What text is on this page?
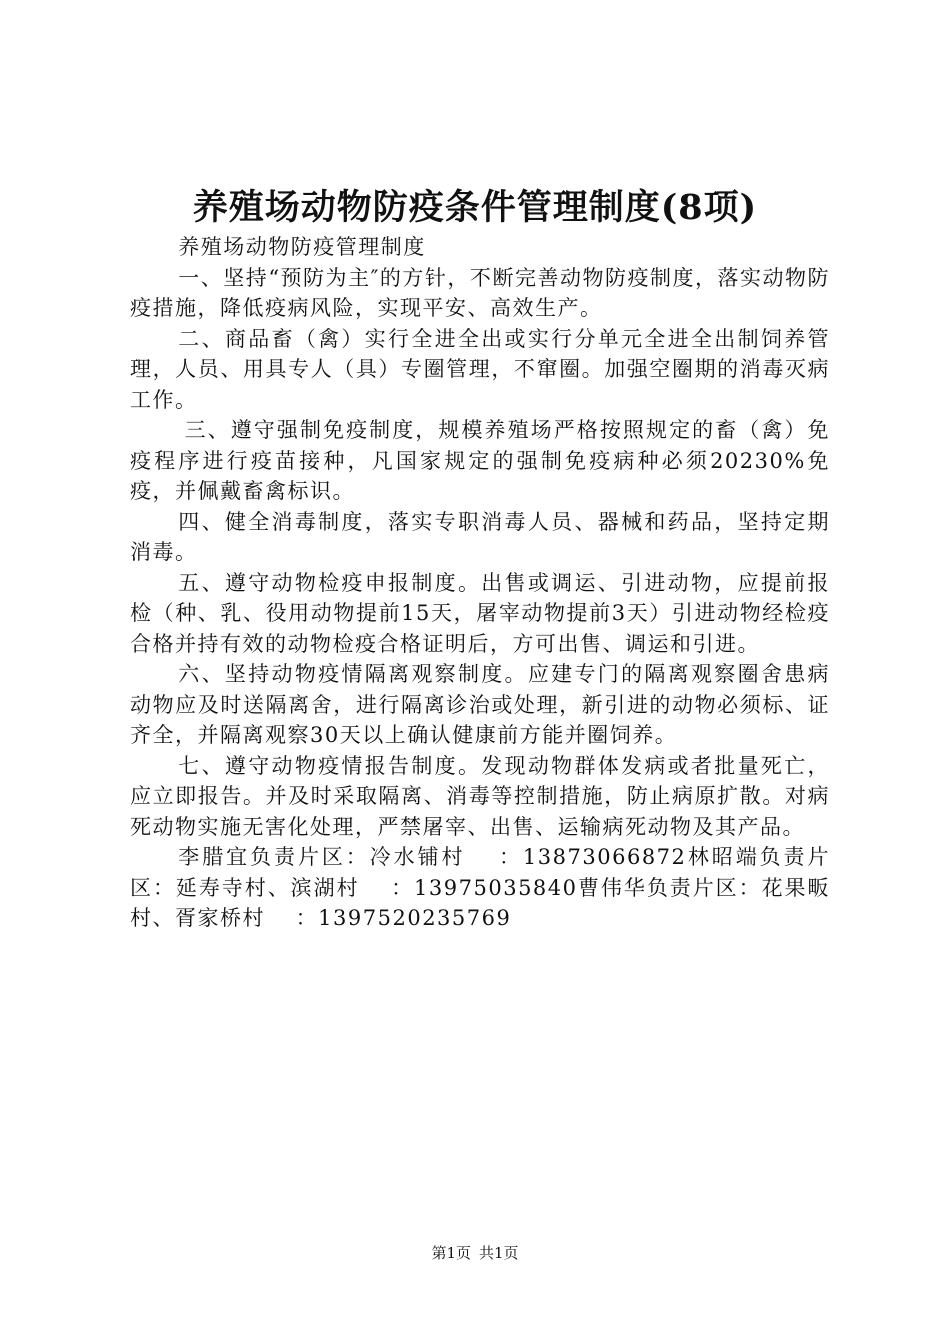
养殖场动物防疫条件管理制度(8项)

养殖场动物防疫管理制度

一、坚持“预防为主″的方针，不断完善动物防疫制度，落实动物防疫措施，降低疫病风险，实现平安、高效生产。

二、商品畜（禽）实行全进全出或实行分单元全进全出制饲养管理，人员、用具专人（具）专圈管理，不窜圈。加强空圈期的消毒灭病工作。

三、遵守强制免疫制度，规模养殖场严格按照规定的畜（禽）免疫程序进行疫苗接种，凡国家规定的强制免疫病种必须20230%免疫，并佩戴畜禽标识。

四、健全消毒制度，落实专职消毒人员、器械和药品，坚持定期消毒。

五、遵守动物检疫申报制度。出售或调运、引进动物，应提前报检（种、乳、役用动物提前15天，屠宰动物提前3天）引进动物经检疫合格并持有效的动物检疫合格证明后，方可出售、调运和引进。

六、坚持动物疫情隔离观察制度。应建专门的隔离观察圈舍患病动物应及时送隔离舍，进行隔离诊治或处理，新引进的动物必须标、证齐全，并隔离观察30天以上确认健康前方能并圈饲养。

七、遵守动物疫情报告制度。发现动物群体发病或者批量死亡，应立即报告。并及时采取隔离、消毒等控制措施，防止病原扩散。对病死动物实施无害化处理，严禁屠宰、出售、运输病死动物及其产品。

李腊宜负责片区：冷水铺村　 ：13873066872林昭端负责片区：延寿寺村、滨湖村　 ：13975035840曹伟华负责片区：花果畈村、胥家桥村　 ：13975202357​69

第1页 共1页
